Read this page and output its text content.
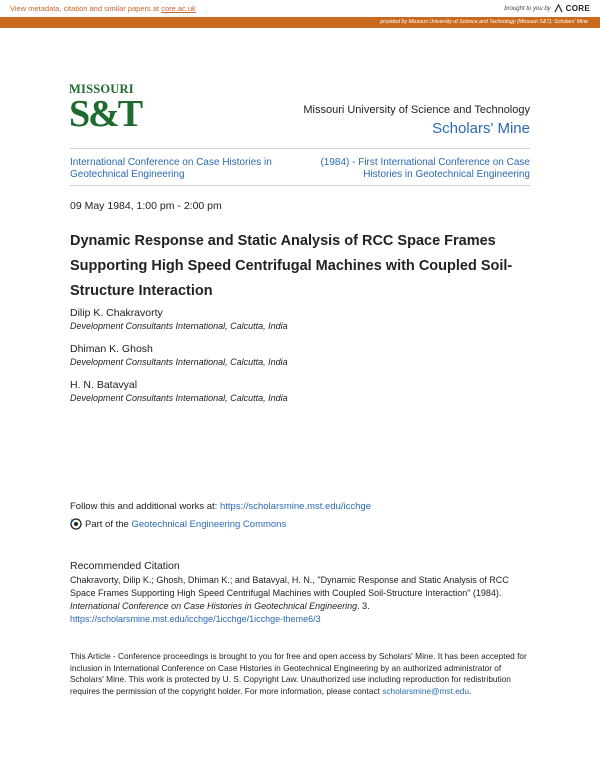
View metadata, citation and similar papers at core.ac.uk	brought to you by CORE
provided by Missouri University of Science and Technology (Missouri S&T): Scholars' Mine
MISSOURI
S&T	Missouri University of Science and Technology
Scholars' Mine
International Conference on Case Histories in Geotechnical Engineering
(1984) - First International Conference on Case Histories in Geotechnical Engineering
09 May 1984, 1:00 pm - 2:00 pm
Dynamic Response and Static Analysis of RCC Space Frames Supporting High Speed Centrifugal Machines with Coupled Soil-Structure Interaction
Dilip K. Chakravorty
Development Consultants International, Calcutta, India
Dhiman K. Ghosh
Development Consultants International, Calcutta, India
H. N. Batavyal
Development Consultants International, Calcutta, India
Follow this and additional works at: https://scholarsmine.mst.edu/icchge
Part of the Geotechnical Engineering Commons
Recommended Citation
Chakravorty, Dilip K.; Ghosh, Dhiman K.; and Batavyal, H. N., "Dynamic Response and Static Analysis of RCC Space Frames Supporting High Speed Centrifugal Machines with Coupled Soil-Structure Interaction" (1984). International Conference on Case Histories in Geotechnical Engineering. 3.
https://scholarsmine.mst.edu/icchge/1icchge/1icchge-theme6/3
This Article - Conference proceedings is brought to you for free and open access by Scholars' Mine. It has been accepted for inclusion in International Conference on Case Histories in Geotechnical Engineering by an authorized administrator of Scholars' Mine. This work is protected by U. S. Copyright Law. Unauthorized use including reproduction for redistribution requires the permission of the copyright holder. For more information, please contact scholarsmine@mst.edu.
